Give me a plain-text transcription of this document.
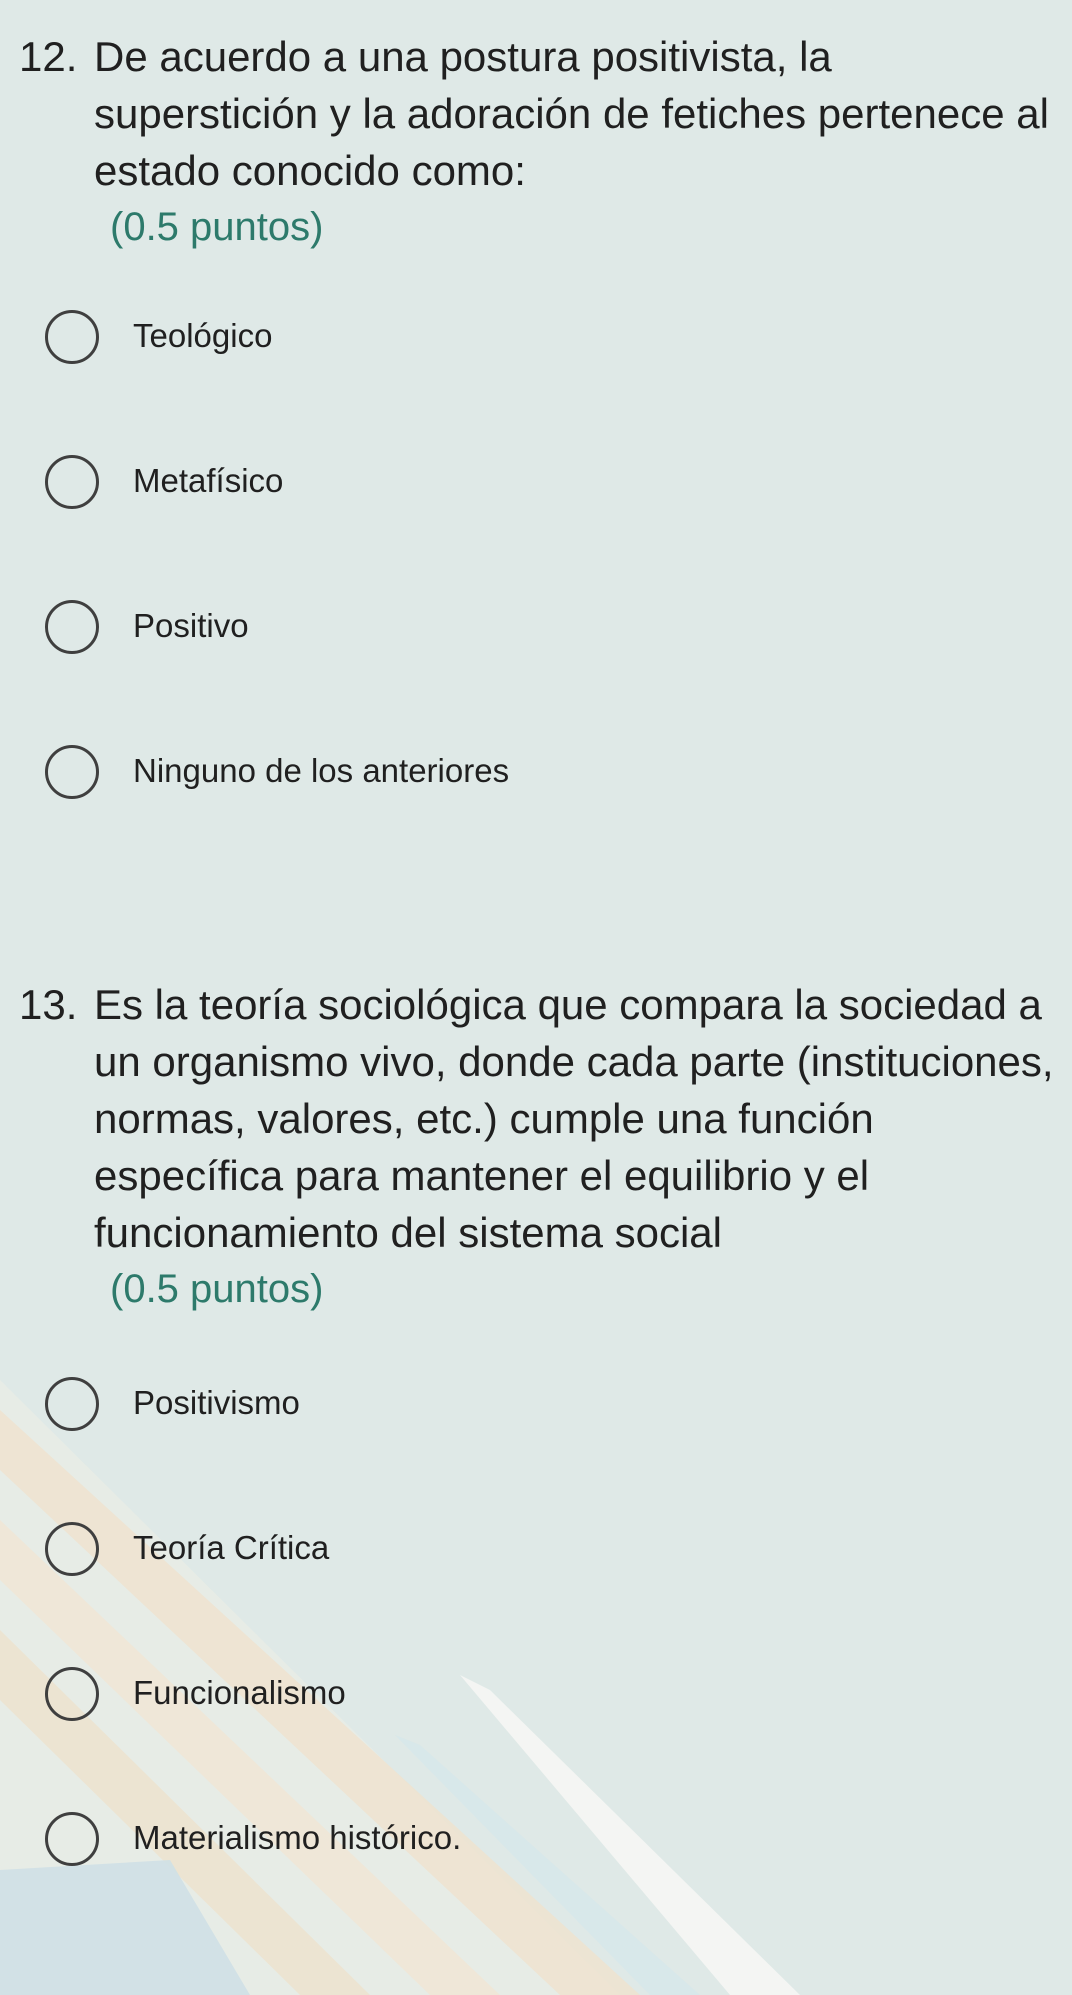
12. De acuerdo a una postura positivista, la superstición y la adoración de fetiches pertenece al estado conocido como:
(0.5 puntos)
Teológico
Metafísico
Positivo
Ninguno de los anteriores
13. Es la teoría sociológica que compara la sociedad a un organismo vivo, donde cada parte (instituciones, normas, valores, etc.) cumple una función específica para mantener el equilibrio y el funcionamiento del sistema social
(0.5 puntos)
Positivismo
Teoría Crítica
Funcionalismo
Materialismo histórico.
